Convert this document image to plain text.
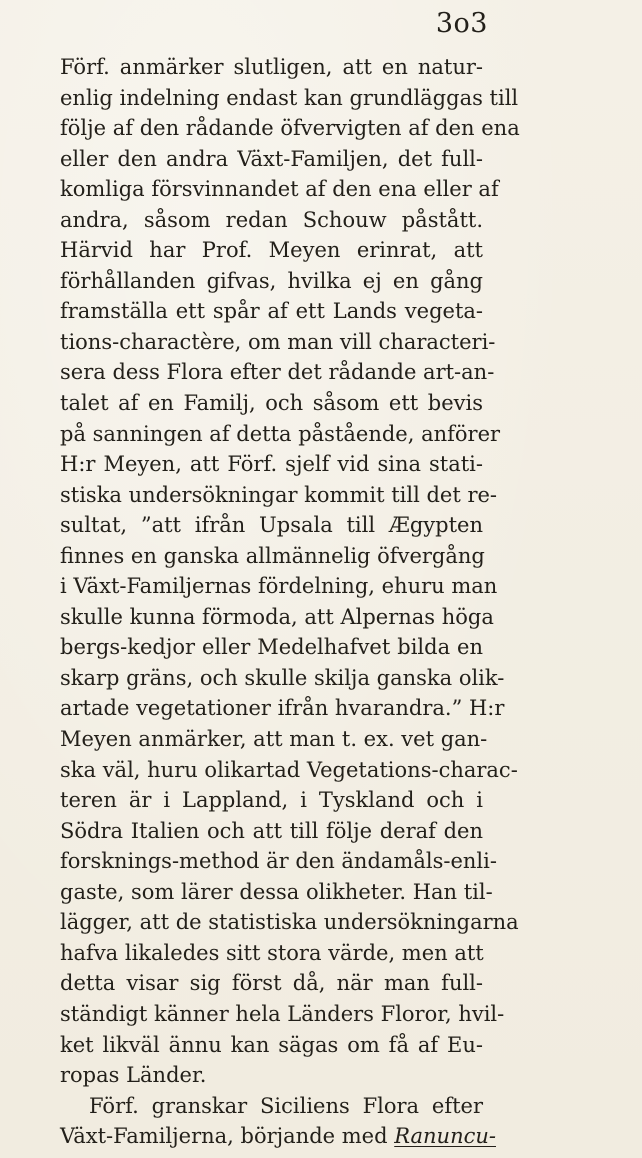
3o3
Förf. anmärker slutligen, att en natur-
enlig indelning endast kan grundläggas till
följe af den rådande öfvervigten af den ena
eller den andra Växt-Familjen, det full-
komliga försvinnandet af den ena eller af
andra, såsom redan Schouw påstått.
Härvid har Prof. Meyen erinrat, att
förhållanden gifvas, hvilka ej en gång
framställa ett spår af ett Lands vegeta-
tions-charactère, om man vill characteri-
sera dess Flora efter det rådande art-an-
talet af en Familj, och såsom ett bevis
på sanningen af detta påstående, anförer
H:r Meyen, att Förf. sjelf vid sina stati-
stiska undersökningar kommit till det re-
sultat, ”att ifrån Upsala till Ægypten
finnes en ganska allmännelig öfvergång
i Växt-Familjernas fördelning, ehuru man
skulle kunna förmoda, att Alpernas höga
bergs-kedjor eller Medelhafvet bilda en
skarp gräns, och skulle skilja ganska olik-
artade vegetationer ifrån hvarandra.” H:r
Meyen anmärker, att man t. ex. vet gan-
ska väl, huru olikartad Vegetations-charac-
teren är i Lappland, i Tyskland och i
Södra Italien och att till följe deraf den
forsknings-method är den ändamåls-enli-
gaste, som lärer dessa olikheter. Han til-
lägger, att de statistiska undersökningarna
hafva likaledes sitt stora värde, men att
detta visar sig först då, när man full-
ständigt känner hela Länders Floror, hvil-
ket likväl ännu kan sägas om få af Eu-
ropas Länder.
Förf. granskar Siciliens Flora efter
Växt-Familjerna, börjande med Ranuncu-
